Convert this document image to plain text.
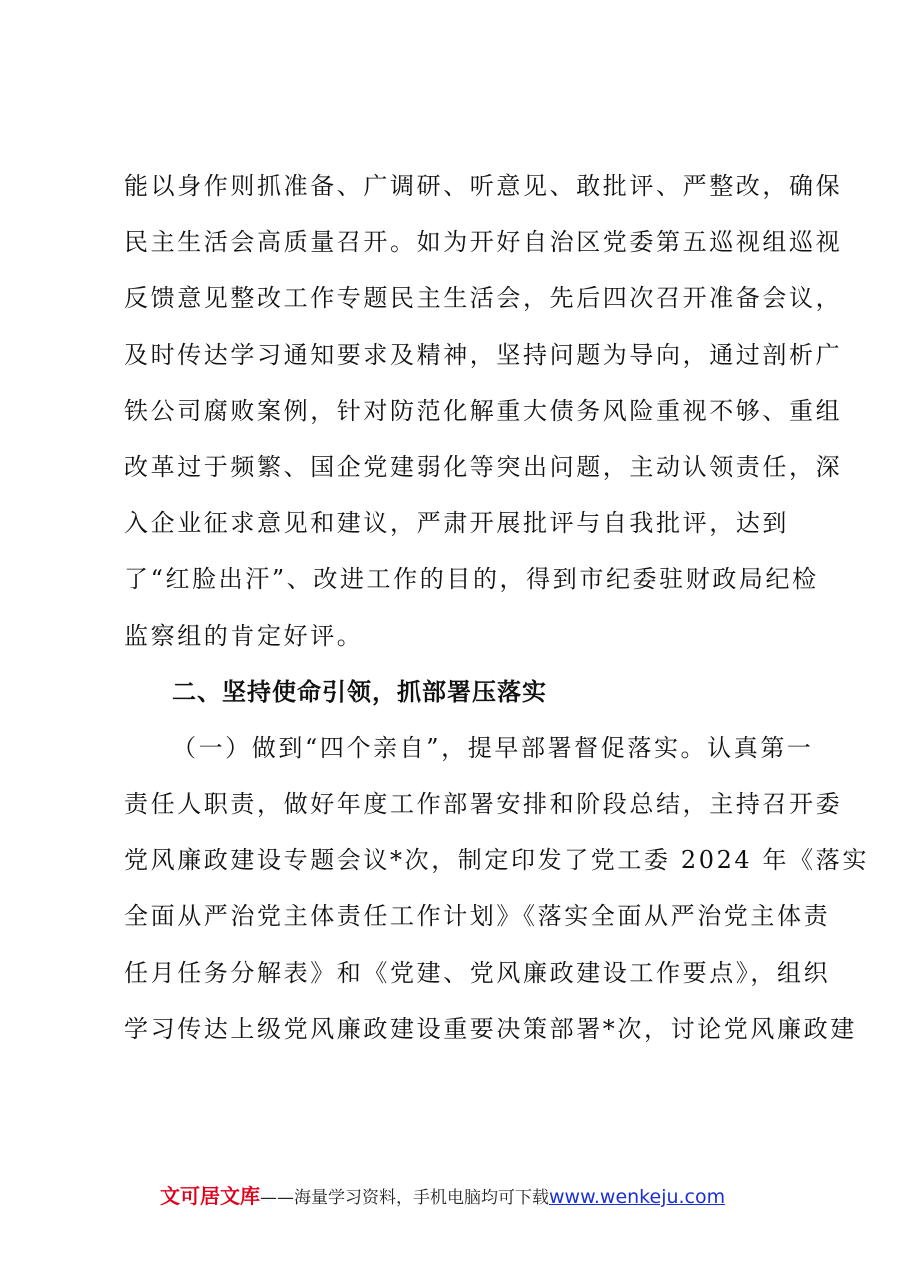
能以身作则抓准备、广调研、听意见、敢批评、严整改，确保
民主生活会高质量召开。如为开好自治区党委第五巡视组巡视
反馈意见整改工作专题民主生活会，先后四次召开准备会议，
及时传达学习通知要求及精神，坚持问题为导向，通过剖析广
铁公司腐败案例，针对防范化解重大债务风险重视不够、重组
改革过于频繁、国企党建弱化等突出问题，主动认领责任，深
入企业征求意见和建议，严肃开展批评与自我批评，达到
了“红脸出汗”、改进工作的目的，得到市纪委驻财政局纪检
监察组的肯定好评。
二、坚持使命引领，抓部署压落实
（一）做到“四个亲自”，提早部署督促落实。认真第一
责任人职责，做好年度工作部署安排和阶段总结，主持召开委
党风廉政建设专题会议*次，制定印发了党工委 2024 年《落实
全面从严治党主体责任工作计划》《落实全面从严治党主体责
任月任务分解表》和《党建、党风廉政建设工作要点》，组织
学习传达上级党风廉政建设重要决策部署*次，讨论党风廉政建
文可居文库——海量学习资料，手机电脑均可下载www.wenkeju.com
